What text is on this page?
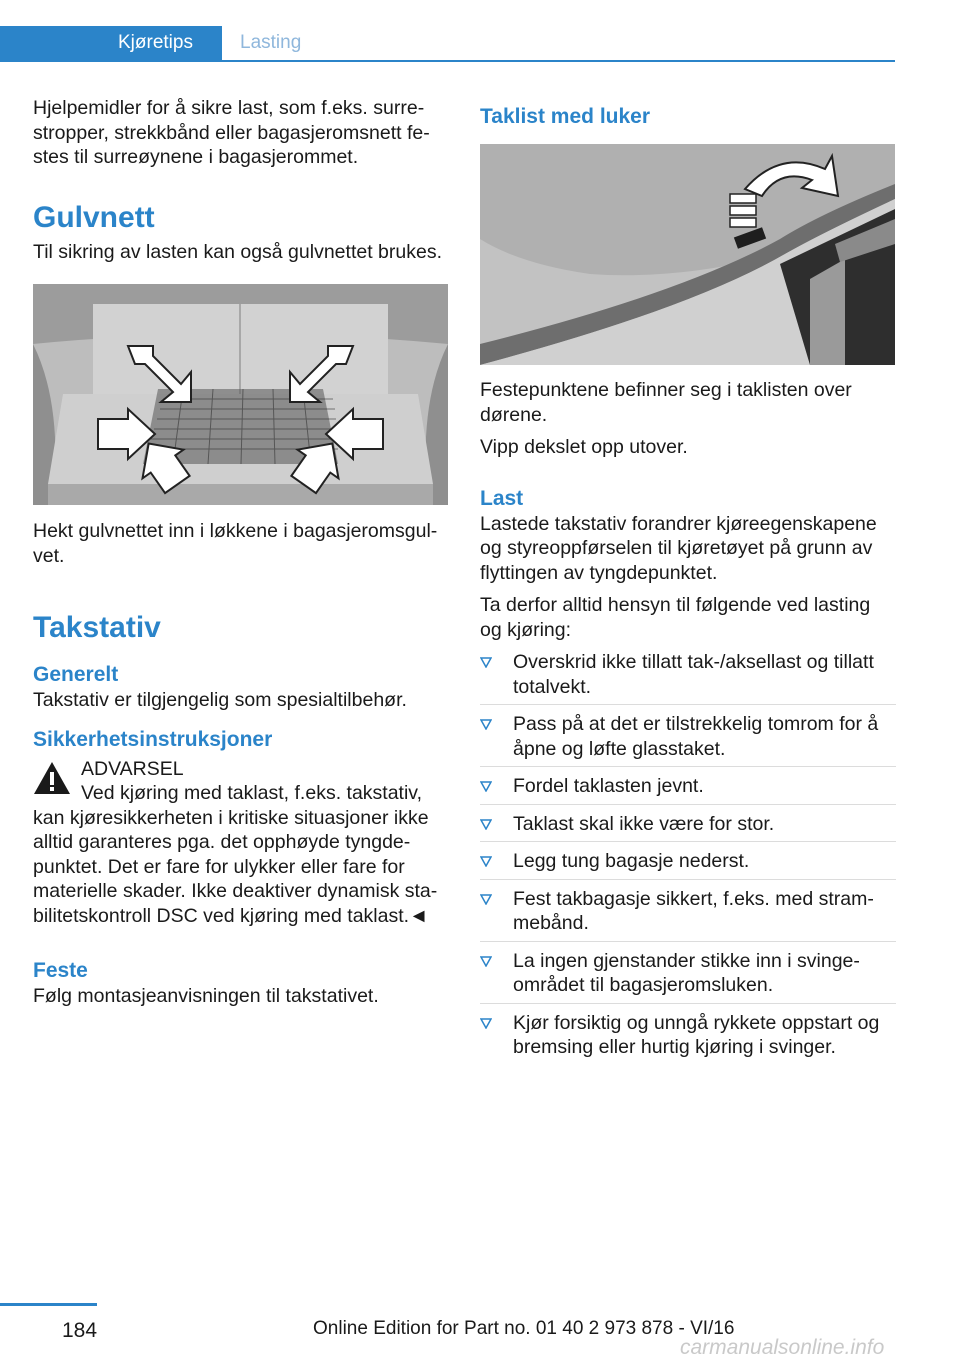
Kjøretips	Lasting

Hjelpemidler for å sikre last, som f.eks. surrestropper, strekkbånd eller bagasjeromsnett festes til surreøynene i bagasjerommet.

Gulvnett

Til sikring av lasten kan også gulvnettet brukes.

Hekt gulvnettet inn i løkkene i bagasjeromsgulvet.

Takstativ
Generelt

Takstativ er tilgjengelig som spesialtilbehør.

Sikkerhetsinstruksjoner
ADVARSEL
Ved kjøring med taklast, f.eks. takstativ,

kan kjøresikkerheten i kritiske situasjoner ikke alltid garanteres pga. det opphøyde tyngdepunktet. Det er fare for ulykker eller fare for materielle skader. Ikke deaktiver dynamisk stabilitetskontroll DSC ved kjøring med taklast.◄

Feste

Følg montasjeanvisningen til takstativet.

Taklist med luker

Festepunktene befinner seg i taklisten over dørene.

Vipp dekslet opp utover.

Last

Lastede takstativ forandrer kjøreegenskapene og styreoppførselen til kjøretøyet på grunn av flyttingen av tyngdepunktet.

Ta derfor alltid hensyn til følgende ved lasting og kjøring:

Overskrid ikke tillatt tak-/aksellast og tillatt totalvekt.
Pass på at det er tilstrekkelig tomrom for å åpne og løfte glasstaket.
Fordel taklasten jevnt.
Taklast skal ikke være for stor.
Legg tung bagasje nederst.
Fest takbagasje sikkert, f.eks. med strammebånd.
La ingen gjenstander stikke inn i svingeområdet til bagasjeromsluken.
Kjør forsiktig og unngå rykkete oppstart og bremsing eller hurtig kjøring i svinger.
184	Online Edition for Part no. 01 40 2 973 878 - VI/16
carmanualsonline.info
